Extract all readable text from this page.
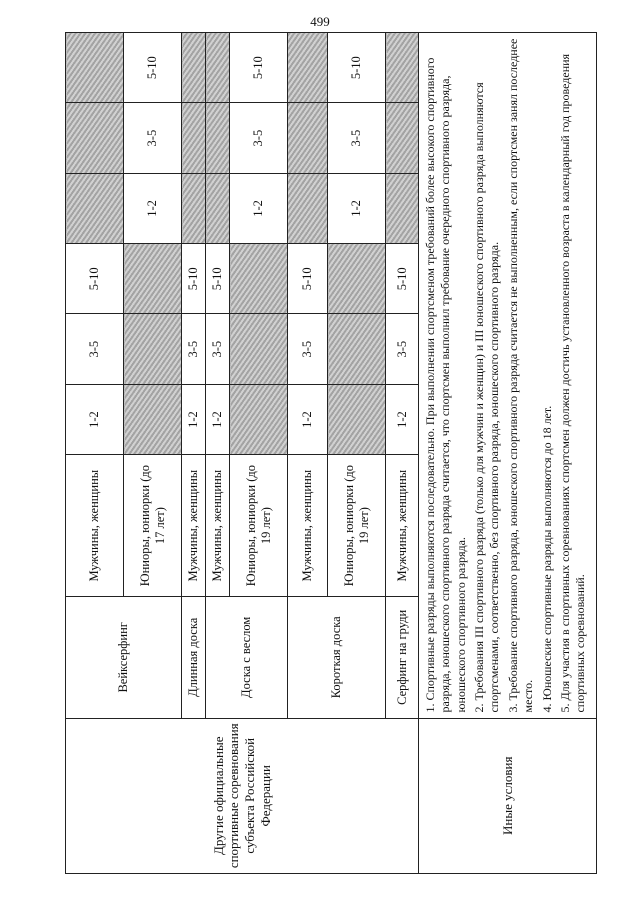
499
Другие официальные спортивные соревнования субъекта Российской Федерации	Вейксерфинг	Мужчины, женщины	1-2	3-5	5-10			
		Юниоры, юниорки (до 17 лет)				1-2	3-5	5-10
	Длинная доска	Мужчины, женщины	1-2	3-5	5-10			
	Доска с веслом	Мужчины, женщины	1-2	3-5	5-10			
		Юниоры, юниорки (до 19 лет)				1-2	3-5	5-10
	Короткая доска	Мужчины, женщины	1-2	3-5	5-10			
		Юниоры, юниорки (до 19 лет)				1-2	3-5	5-10
	Серфинг на груди	Мужчины, женщины	1-2	3-5	5-10			
Иные условия	1. Спортивные разряды выполняются последовательно. При выполнении спортсменом требований более высокого спортивного разряда, юношеского спортивного разряда считается, что спортсмен выполнил требование очередного спортивного разряда, юношеского спортивного разряда. 2. Требования III спортивного разряда (только для мужчин и женщин) и III юношеского спортивного разряда выполняются спортсменами, соответственно, без спортивного разряда, юношеского спортивного разряда. 3. Требование спортивного разряда, юношеского спортивного разряда считается не выполненным, если спортсмен занял последнее место. 4. Юношеские спортивные разряды выполняются до 18 лет. 5. Для участия в спортивных соревнованиях спортсмен должен достичь установленного возраста в календарный год проведения спортивных соревнований.							
